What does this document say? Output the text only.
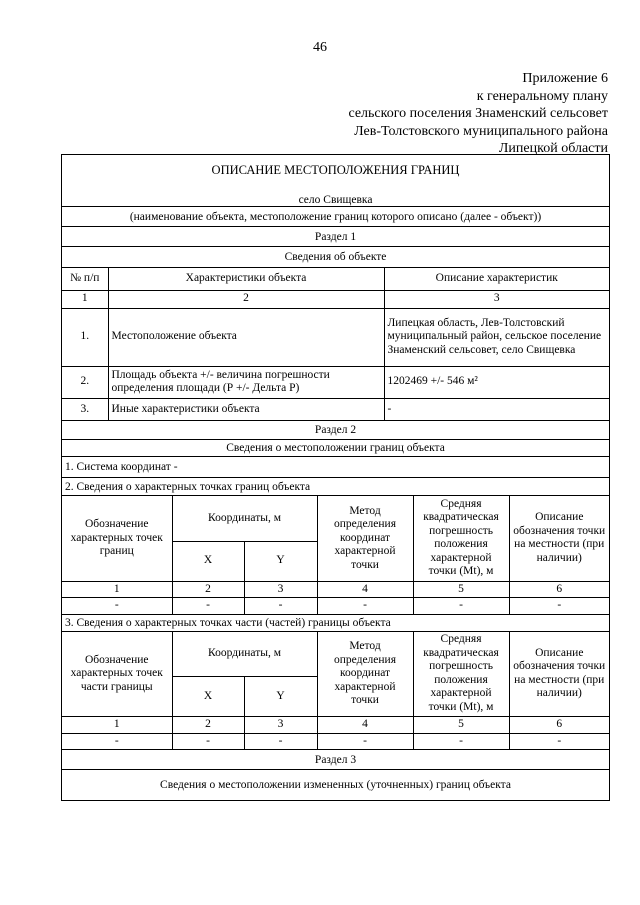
46
Приложение 6
к генеральному плану
сельского поселения Знаменский сельсовет
Лев-Толстовского муниципального района
Липецкой области
ОПИСАНИЕ МЕСТОПОЛОЖЕНИЯ ГРАНИЦ
село Свищевка
(наименование объекта, местоположение границ которого описано (далее - объект))
Раздел 1
Сведения об объекте
№ п/п	Характеристики объекта	Описание характеристик
1	2	3
1.	Местоположение объекта	Липецкая область, Лев-Толстовский муниципальный район, сельское поселение Знаменский сельсовет, село Свищевка
2.	Площадь объекта +/- величина погрешности определения площади (Р +/- Дельта Р)	1202469 +/- 546 м²
3.	Иные характеристики объекта	-
Раздел 2
Сведения о местоположении границ объекта
1. Система координат -
2. Сведения о характерных точках границ объекта
Обозначение характерных точек границ	Координаты, м		Метод определения координат характерной точки	Средняя квадратическая погрешность положения характерной точки (Mt), м	Описание обозначения точки на местности (при наличии)
	X	Y			
1	2	3	4	5	6
-	-	-	-	-	-
3. Сведения о характерных точках части (частей) границы объекта
Обозначение характерных точек части границы	Координаты, м		Метод определения координат характерной точки	Средняя квадратическая погрешность положения характерной точки (Mt), м	Описание обозначения точки на местности (при наличии)
	X	Y			
1	2	3	4	5	6
-	-	-	-	-	-
Раздел 3
Сведения о местоположении измененных (уточненных) границ объекта
